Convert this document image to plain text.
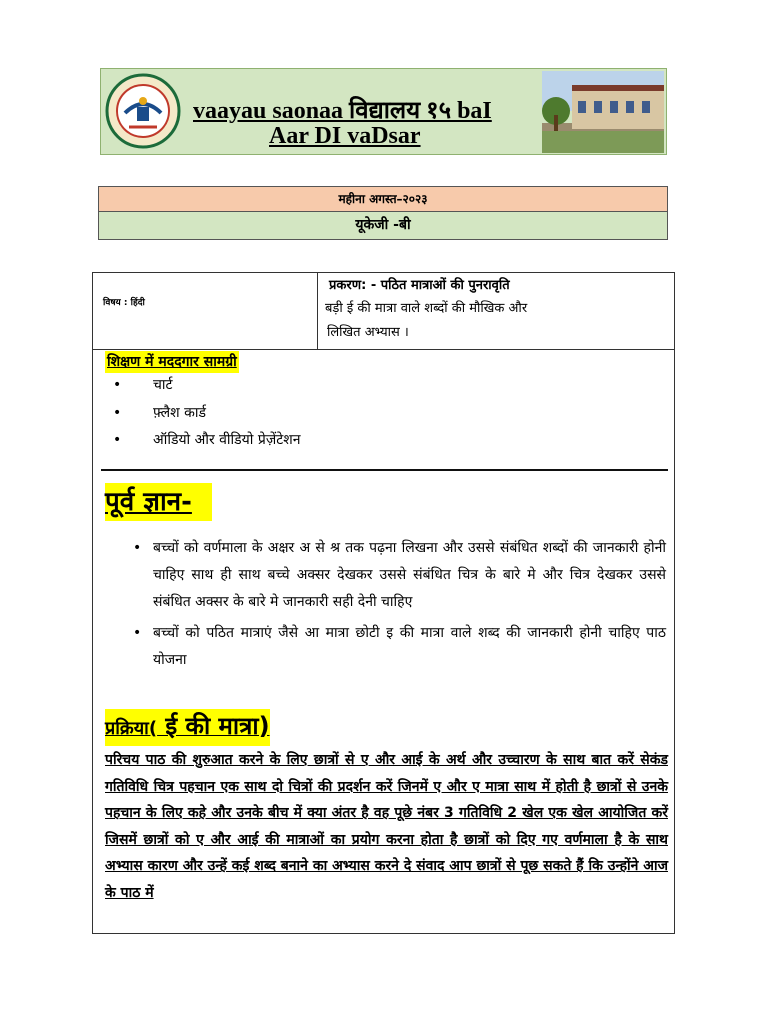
vaayau saonaa विद्यालय १५ baI
Aar DI vaDsar
महीना अगस्त–२०२३
यूकेजी -बी
विषय : हिंदी
प्रकरण: - पठित मात्राओं की पुनरावृति
बड़ी ई की मात्रा वाले शब्दों की मौखिक और
लिखित अभ्यास ।
शिक्षण में मददगार सामग्री
• चार्ट
• फ़्लैश कार्ड
• ऑडियो और वीडियो प्रेज़ेंटेशन
पूर्व ज्ञान-
• बच्चों को वर्णमाला के अक्षर अ से श्र तक पढ़ना लिखना और उससे संबंधित शब्दों की जानकारी होनी चाहिए साथ ही साथ बच्चे अक्सर देखकर उससे संबंधित चित्र के बारे मे और चित्र देखकर उससे संबंधित अक्सर के बारे मे जानकारी सही देनी चाहिए
• बच्चों को पठित मात्राएं जैसे आ मात्रा छोटी इ की मात्रा वाले शब्द की जानकारी होनी चाहिए पाठ योजना
प्रक्रिया( ई की मात्रा)
परिचय पाठ की शुरुआत करने के लिए छात्रों से ए और आई के अर्थ और उच्चारण के साथ बात करें सेकंड गतिविधि चित्र पहचान एक साथ दो चित्रों की प्रदर्शन करें जिनमें ए और ए मात्रा साथ में होती है छात्रों से उनके पहचान के लिए कहे और उनके बीच में क्या अंतर है वह पूछे नंबर 3 गतिविधि 2 खेल एक खेल आयोजित करें जिसमें छात्रों को ए और आई की मात्राओं का प्रयोग करना होता है छात्रों को दिए गए वर्णमाला है के साथ अभ्यास कारण और उन्हें कई शब्द बनाने का अभ्यास करने दे संवाद आप छात्रों से पूछ सकते हैं कि उन्होंने आज के पाठ में
